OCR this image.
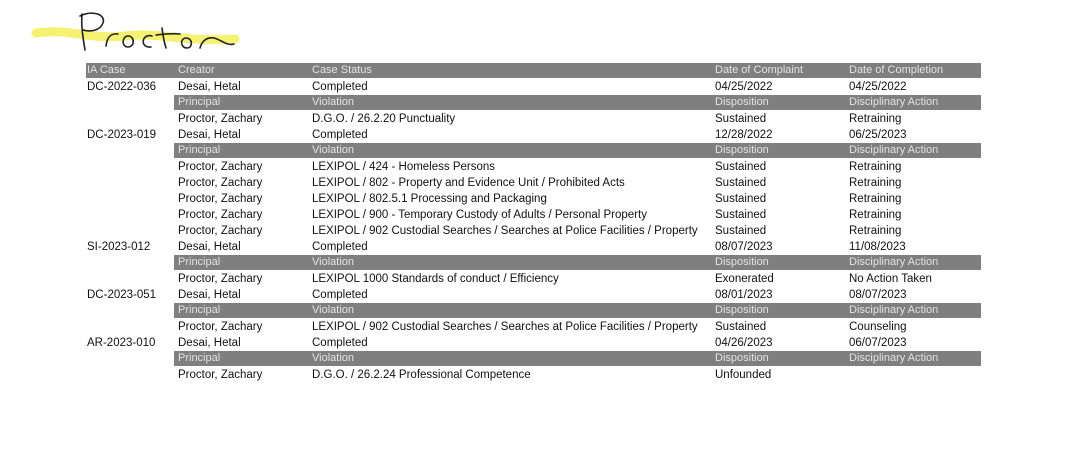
IA Case	Creator	Case Status	Date of Complaint	Date of Completion
DC-2022-036 Desai, Hetal	Completed	04/25/2022	04/25/2022
Principal	Violation	Disposition	Disciplinary Action
Proctor, Zachary	D.G.O. / 26.2.20 Punctuality	Sustained	Retraining
DC-2023-019 Desai, Hetal	Completed	12/28/2022	06/25/2023
Principal	Violation	Disposition	Disciplinary Action
Proctor, Zachary	LEXIPOL / 424 - Homeless Persons	Sustained	Retraining
Proctor, Zachary	LEXIPOL / 802 - Property and Evidence Unit / Prohibited Acts	Sustained	Retraining
Proctor, Zachary	LEXIPOL / 802.5.1 Processing and Packaging	Sustained	Retraining
Proctor, Zachary	LEXIPOL / 900 - Temporary Custody of Adults / Personal Property	Sustained	Retraining
Proctor, Zachary	LEXIPOL / 902 Custodial Searches / Searches at Police Facilities / Property Sustained	Retraining
SI-2023-012 Desai, Hetal	Completed	08/07/2023	11/08/2023
Principal	Violation	Disposition	Disciplinary Action
Proctor, Zachary	LEXIPOL 1000 Standards of conduct / Efficiency	Exonerated	No Action Taken
DC-2023-051 Desai, Hetal	Completed	08/01/2023	08/07/2023
Principal	Violation	Disposition	Disciplinary Action
Proctor, Zachary	LEXIPOL / 902 Custodial Searches / Searches at Police Facilities / Property Sustained	Counseling
AR-2023-010 Desai, Hetal	Completed	04/26/2023	06/07/2023
Principal	Violation	Disposition	Disciplinary Action
Proctor, Zachary	D.G.O. / 26.2.24 Professional Competence	Unfounded
